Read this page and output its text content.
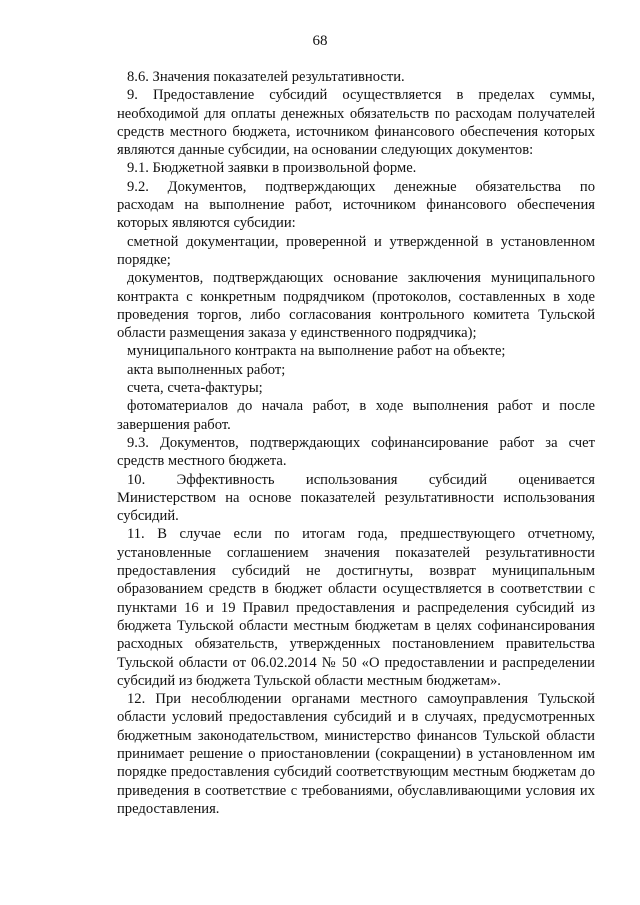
68
8.6. Значения показателей результативности.
9. Предоставление субсидий осуществляется в пределах суммы,
необходимой для оплаты денежных обязательств по расходам получателей
средств местного бюджета, источником финансового обеспечения которых
являются данные субсидии, на основании следующих документов:
9.1. Бюджетной заявки в произвольной форме.
9.2. Документов, подтверждающих денежные обязательства по
расходам на выполнение работ, источником финансового обеспечения
которых являются субсидии:
сметной документации, проверенной и утвержденной в установленном
порядке;
документов, подтверждающих основание заключения муниципального
контракта с конкретным подрядчиком (протоколов, составленных в ходе
проведения торгов, либо согласования контрольного комитета Тульской
области размещения заказа у единственного подрядчика);
муниципального контракта на выполнение работ на объекте;
акта выполненных работ;
счета, счета-фактуры;
фотоматериалов до начала работ, в ходе выполнения работ и после
завершения работ.
9.3. Документов, подтверждающих софинансирование работ за счет
средств местного бюджета.
10. Эффективность использования субсидий оценивается
Министерством на основе показателей результативности использования
субсидий.
11. В случае если по итогам года, предшествующего отчетному,
установленные соглашением значения показателей результативности
предоставления субсидий не достигнуты, возврат муниципальным
образованием средств в бюджет области осуществляется в соответствии с
пунктами 16 и 19 Правил предоставления и распределения субсидий из
бюджета Тульской области местным бюджетам в целях софинансирования
расходных обязательств, утвержденных постановлением правительства
Тульской области от 06.02.2014 № 50 «О предоставлении и распределении
субсидий из бюджета Тульской области местным бюджетам».
12. При несоблюдении органами местного самоуправления Тульской
области условий предоставления субсидий и в случаях, предусмотренных
бюджетным законодательством, министерство финансов Тульской области
принимает решение о приостановлении (сокращении) в установленном им
порядке предоставления субсидий соответствующим местным бюджетам до
приведения в соответствие с требованиями, обуславливающими условия их
предоставления.
